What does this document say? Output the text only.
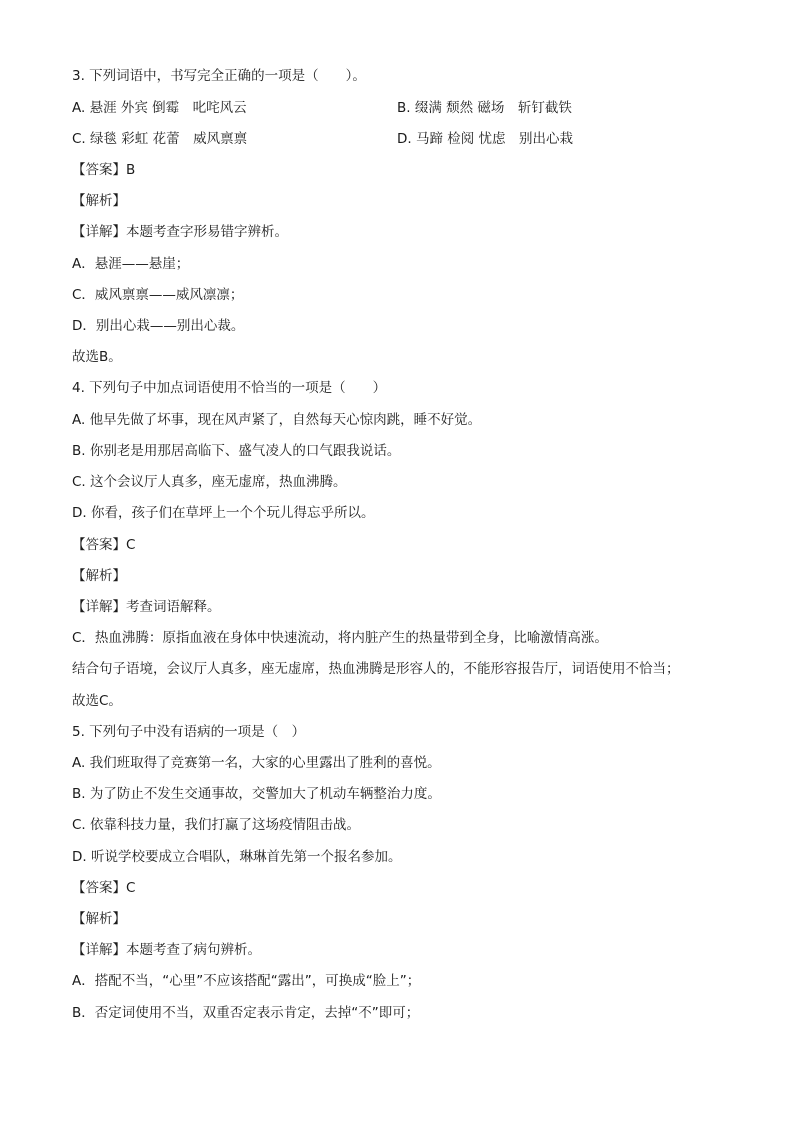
3. 下列词语中，书写完全正确的一项是（　　）。
A. 悬涯 外宾 倒霉　叱咤风云	B. 缀满 颓然 磁场　斩钉截铁
C. 绿毯 彩虹 花蕾　威风禀禀	D. 马蹄 检阅 忧虑　别出心栽
【答案】B
【解析】
【详解】本题考查字形易错字辨析。
A．悬涯——悬崖；
C．威风禀禀——威风凛凛；
D．别出心栽——别出心裁。
故选B。
4. 下列句子中加点词语使用不恰当的一项是（　　）
A. 他早先做了坏事，现在风声紧了，自然每天心惊肉跳，睡不好觉。
B. 你别老是用那居高临下、盛气凌人的口气跟我说话。
C. 这个会议厅人真多，座无虚席，热血沸腾。
D. 你看，孩子们在草坪上一个个玩儿得忘乎所以。
【答案】C
【解析】
【详解】考查词语解释。
C．热血沸腾：原指血液在身体中快速流动，将内脏产生的热量带到全身，比喻激情高涨。
结合句子语境，会议厅人真多，座无虚席，热血沸腾是形容人的，不能形容报告厅，词语使用不恰当；
故选C。
5. 下列句子中没有语病的一项是（　）
A. 我们班取得了竞赛第一名，大家的心里露出了胜利的喜悦。
B. 为了防止不发生交通事故，交警加大了机动车辆整治力度。
C. 依靠科技力量，我们打赢了这场疫情阻击战。
D. 听说学校要成立合唱队，琳琳首先第一个报名参加。
【答案】C
【解析】
【详解】本题考查了病句辨析。
A．搭配不当，“心里”不应该搭配“露出”，可换成“脸上”；
B．否定词使用不当，双重否定表示肯定，去掉“不”即可；
